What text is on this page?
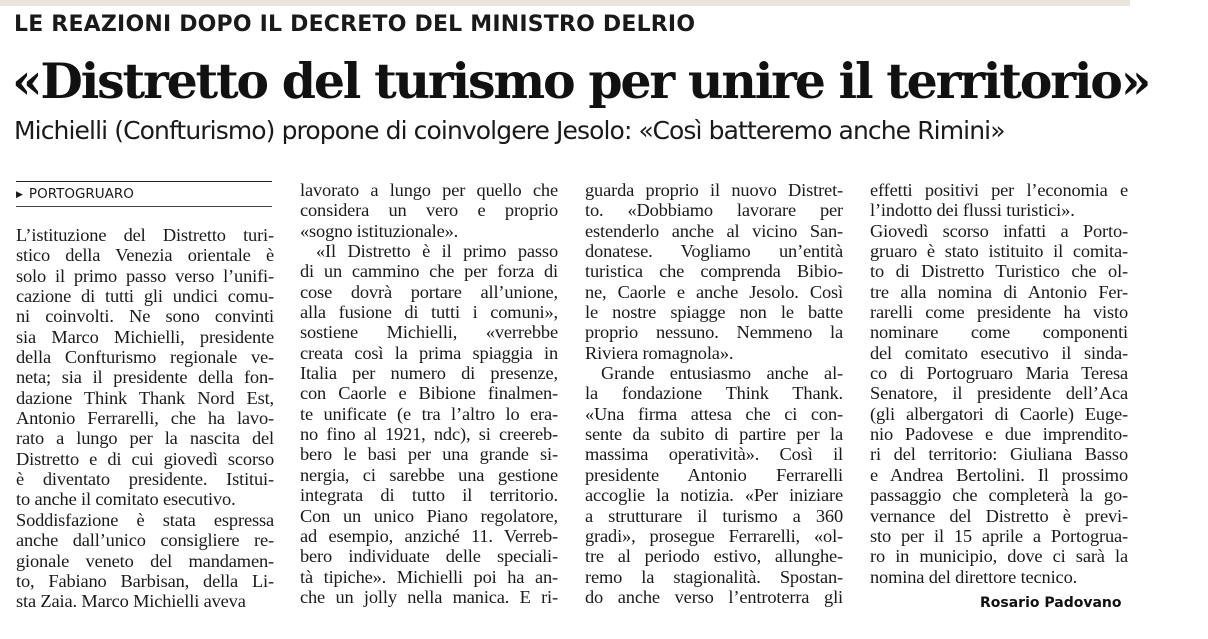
LE REAZIONI DOPO IL DECRETO DEL MINISTRO DELRIO
«Distretto del turismo per unire il territorio»
Michielli (Confturismo) propone di coinvolgere Jesolo: «Così batteremo anche Rimini»
▶ PORTOGRUARO

L’istituzione del Distretto turi-

stico della Venezia orientale è

solo il primo passo verso l’unifi-

cazione di tutti gli undici comu-

ni coinvolti. Ne sono convinti

sia Marco Michielli, presidente

della Confturismo regionale ve-

neta; sia il presidente della fon-

dazione Think Thank Nord Est,

Antonio Ferrarelli, che ha lavo-

rato a lungo per la nascita del

Distretto e di cui giovedì scorso

è diventato presidente. Istitui-

to anche il comitato esecutivo.

Soddisfazione è stata espressa

anche dall’unico consigliere re-

gionale veneto del mandamen-

to, Fabiano Barbisan, della Li-

sta Zaia. Marco Michielli aveva

lavorato a lungo per quello che

considera un vero e proprio

«sogno istituzionale».

«Il Distretto è il primo passo

di un cammino che per forza di

cose dovrà portare all’unione,

alla fusione di tutti i comuni»,

sostiene Michielli, «verrebbe

creata così la prima spiaggia in

Italia per numero di presenze,

con Caorle e Bibione finalmen-

te unificate (e tra l’altro lo era-

no fino al 1921, ndc), si creereb-

bero le basi per una grande si-

nergia, ci sarebbe una gestione

integrata di tutto il territorio.

Con un unico Piano regolatore,

ad esempio, anziché 11. Verreb-

bero individuate delle speciali-

tà tipiche». Michielli poi ha an-

che un jolly nella manica. E ri-

guarda proprio il nuovo Distret-

to. «Dobbiamo lavorare per

estenderlo anche al vicino San-

donatese. Vogliamo un’entità

turistica che comprenda Bibio-

ne, Caorle e anche Jesolo. Così

le nostre spiagge non le batte

proprio nessuno. Nemmeno la

Riviera romagnola».

Grande entusiasmo anche al-

la fondazione Think Thank.

«Una firma attesa che ci con-

sente da subito di partire per la

massima operatività». Così il

presidente Antonio Ferrarelli

accoglie la notizia. «Per iniziare

a strutturare il turismo a 360

gradi», prosegue Ferrarelli, «ol-

tre al periodo estivo, allunghe-

remo la stagionalità. Spostan-

do anche verso l’entroterra gli

effetti positivi per l’economia e

l’indotto dei flussi turistici».

Giovedì scorso infatti a Porto-

gruaro è stato istituito il comita-

to di Distretto Turistico che ol-

tre alla nomina di Antonio Fer-

rarelli come presidente ha visto

nominare come componenti

del comitato esecutivo il sinda-

co di Portogruaro Maria Teresa

Senatore, il presidente dell’Aca

(gli albergatori di Caorle) Euge-

nio Padovese e due imprendito-

ri del territorio: Giuliana Basso

e Andrea Bertolini. Il prossimo

passaggio che completerà la go-

vernance del Distretto è previ-

sto per il 15 aprile a Portogrua-

ro in municipio, dove ci sarà la

nomina del direttore tecnico.

Rosario Padovano
